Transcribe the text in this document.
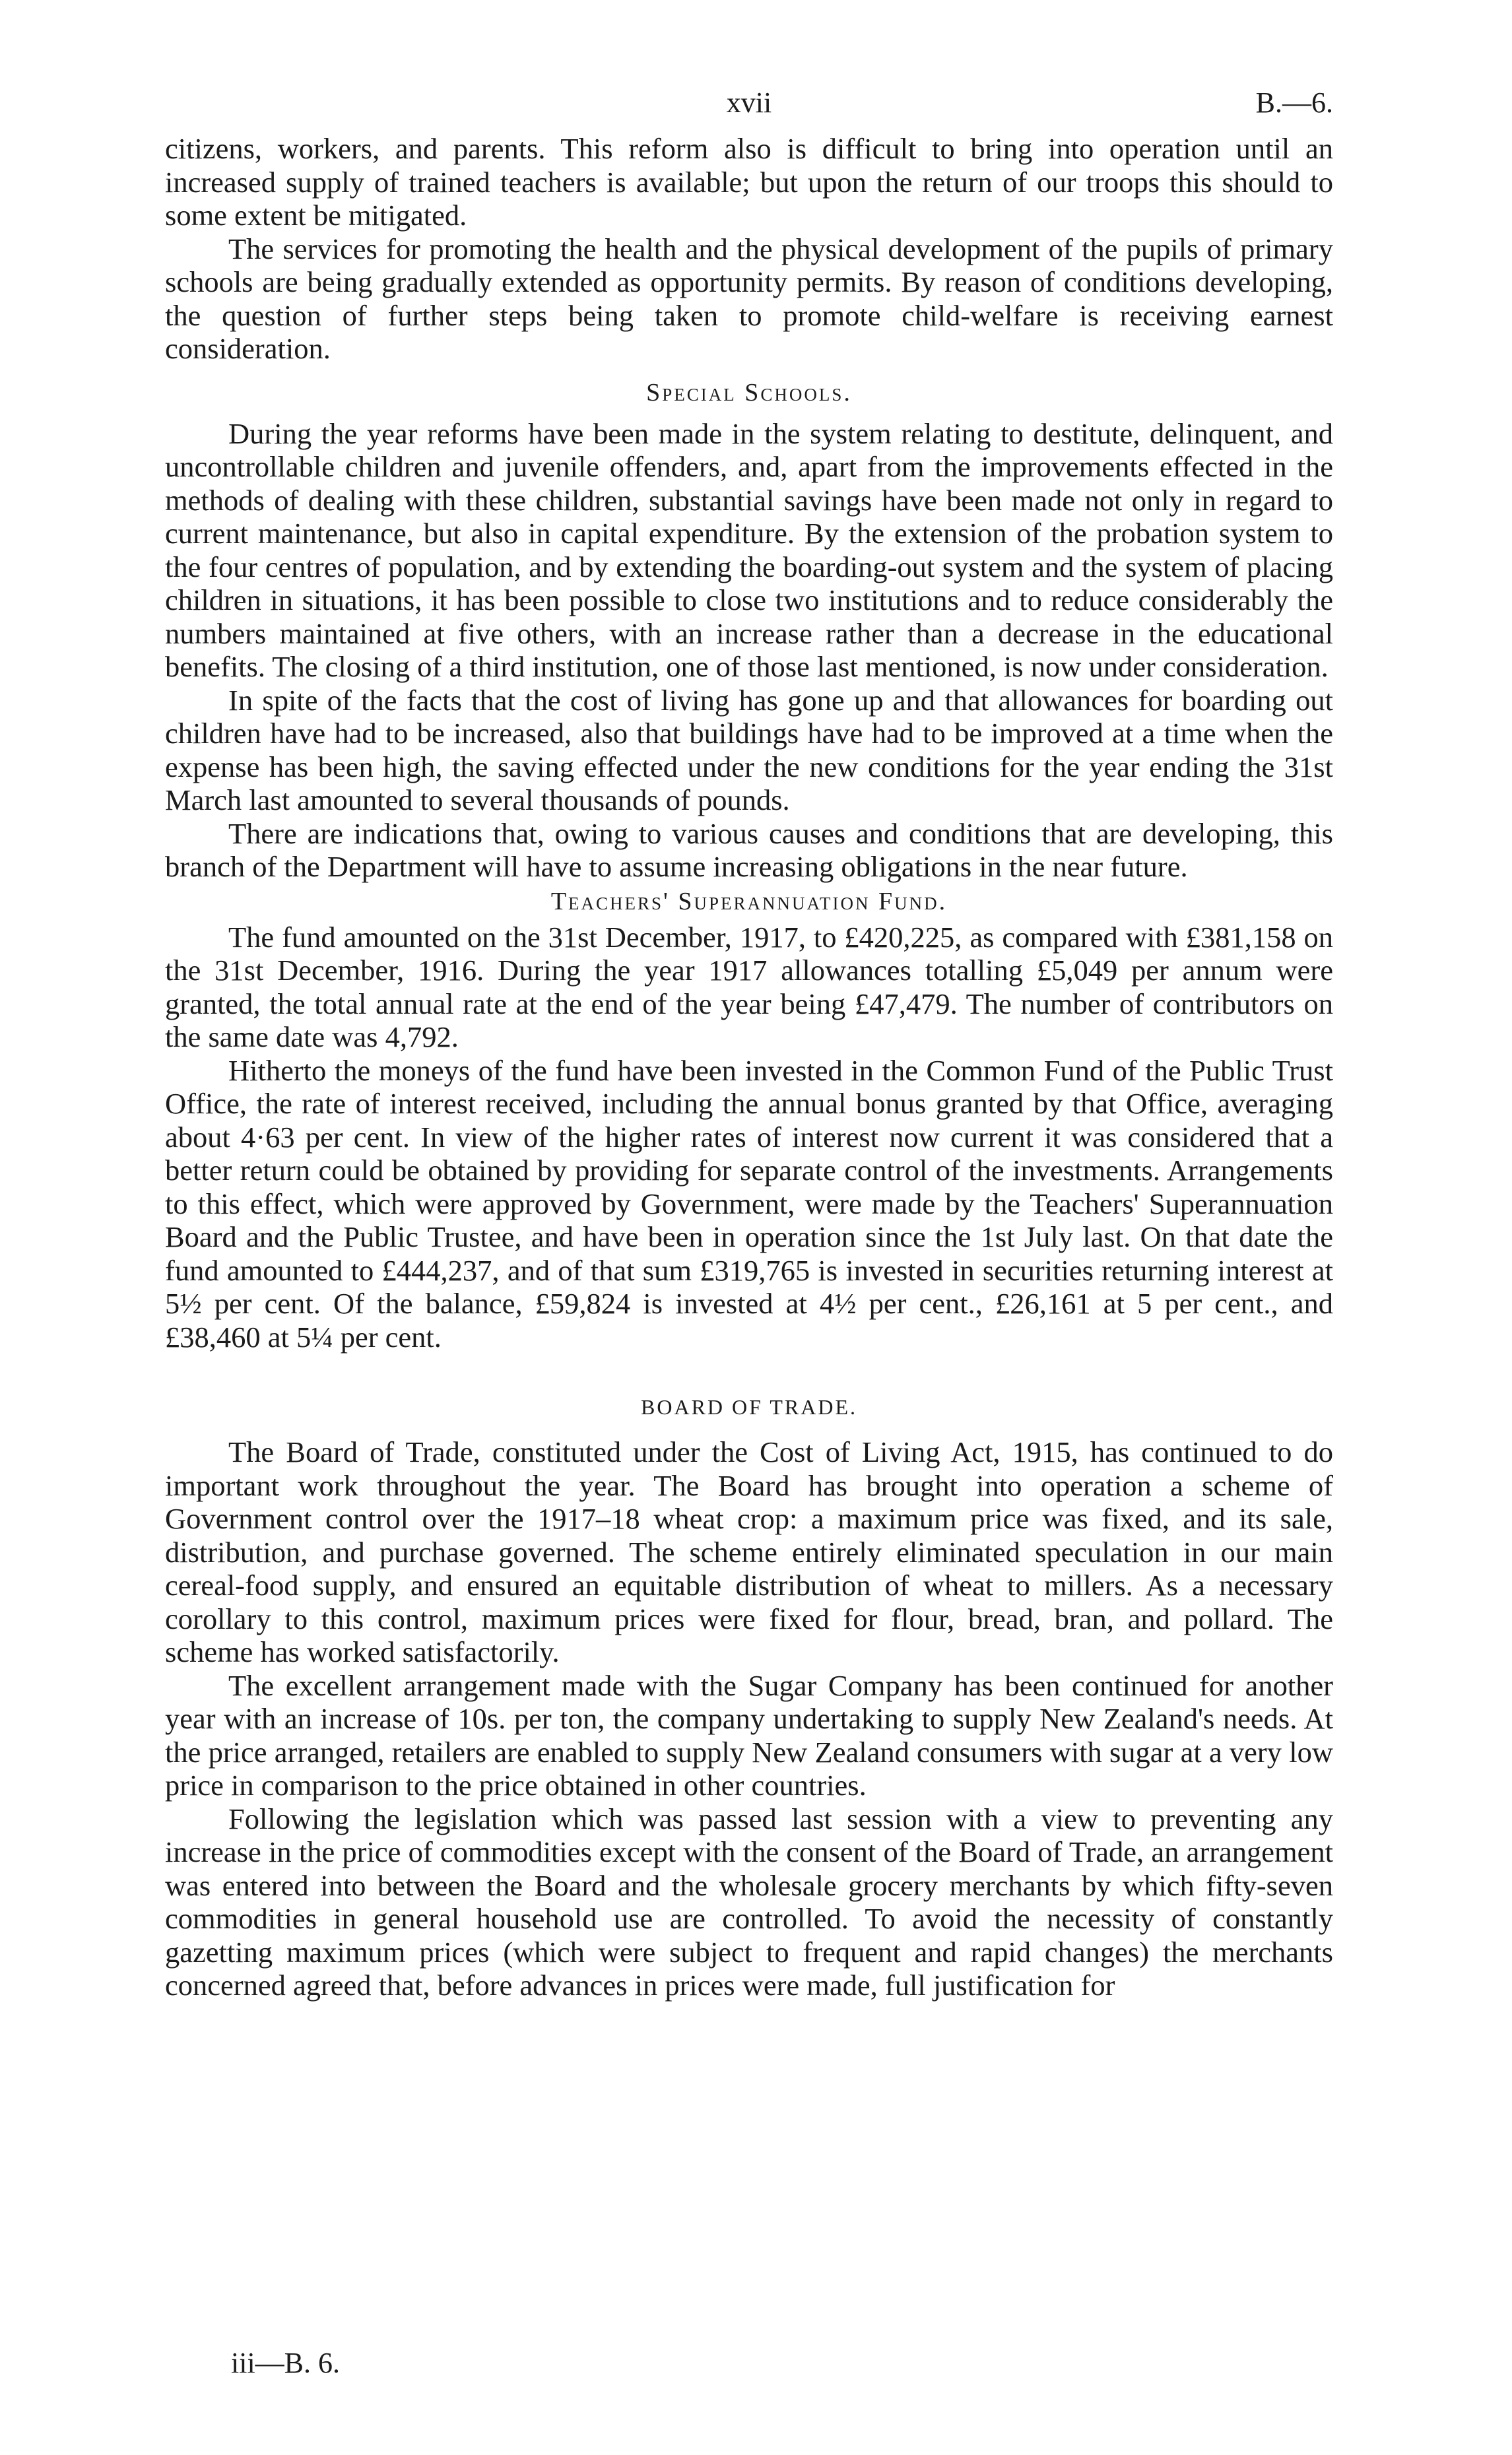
xvii	B.—6.

citizens, workers, and parents. This reform also is difficult to bring into operation until an increased supply of trained teachers is available; but upon the return of our troops this should to some extent be mitigated.

The services for promoting the health and the physical development of the pupils of primary schools are being gradually extended as opportunity permits. By reason of conditions developing, the question of further steps being taken to promote child-welfare is receiving earnest consideration.

Special Schools.

During the year reforms have been made in the system relating to destitute, delinquent, and uncontrollable children and juvenile offenders, and, apart from the improvements effected in the methods of dealing with these children, substantial savings have been made not only in regard to current maintenance, but also in capital expenditure. By the extension of the probation system to the four centres of population, and by extending the boarding-out system and the system of placing children in situations, it has been possible to close two institutions and to reduce considerably the numbers maintained at five others, with an increase rather than a decrease in the educational benefits. The closing of a third institution, one of those last mentioned, is now under consideration.

In spite of the facts that the cost of living has gone up and that allowances for boarding out children have had to be increased, also that buildings have had to be improved at a time when the expense has been high, the saving effected under the new conditions for the year ending the 31st March last amounted to several thousands of pounds.

There are indications that, owing to various causes and conditions that are developing, this branch of the Department will have to assume increasing obligations in the near future.

Teachers' Superannuation Fund.

The fund amounted on the 31st December, 1917, to £420,225, as compared with £381,158 on the 31st December, 1916. During the year 1917 allowances totalling £5,049 per annum were granted, the total annual rate at the end of the year being £47,479. The number of contributors on the same date was 4,792.

Hitherto the moneys of the fund have been invested in the Common Fund of the Public Trust Office, the rate of interest received, including the annual bonus granted by that Office, averaging about 4·63 per cent. In view of the higher rates of interest now current it was considered that a better return could be obtained by providing for separate control of the investments. Arrangements to this effect, which were approved by Government, were made by the Teachers' Superannuation Board and the Public Trustee, and have been in operation since the 1st July last. On that date the fund amounted to £444,237, and of that sum £319,765 is invested in securities returning interest at 5½ per cent. Of the balance, £59,824 is invested at 4½ per cent., £26,161 at 5 per cent., and £38,460 at 5¼ per cent.

BOARD OF TRADE.

The Board of Trade, constituted under the Cost of Living Act, 1915, has continued to do important work throughout the year. The Board has brought into operation a scheme of Government control over the 1917–18 wheat crop: a maximum price was fixed, and its sale, distribution, and purchase governed. The scheme entirely eliminated speculation in our main cereal-food supply, and ensured an equitable distribution of wheat to millers. As a necessary corollary to this control, maximum prices were fixed for flour, bread, bran, and pollard. The scheme has worked satisfactorily.

The excellent arrangement made with the Sugar Company has been continued for another year with an increase of 10s. per ton, the company undertaking to supply New Zealand's needs. At the price arranged, retailers are enabled to supply New Zealand consumers with sugar at a very low price in comparison to the price obtained in other countries.

Following the legislation which was passed last session with a view to preventing any increase in the price of commodities except with the consent of the Board of Trade, an arrangement was entered into between the Board and the wholesale grocery merchants by which fifty-seven commodities in general household use are controlled. To avoid the necessity of constantly gazetting maximum prices (which were subject to frequent and rapid changes) the merchants concerned agreed that, before advances in prices were made, full justification for

iii—B. 6.
